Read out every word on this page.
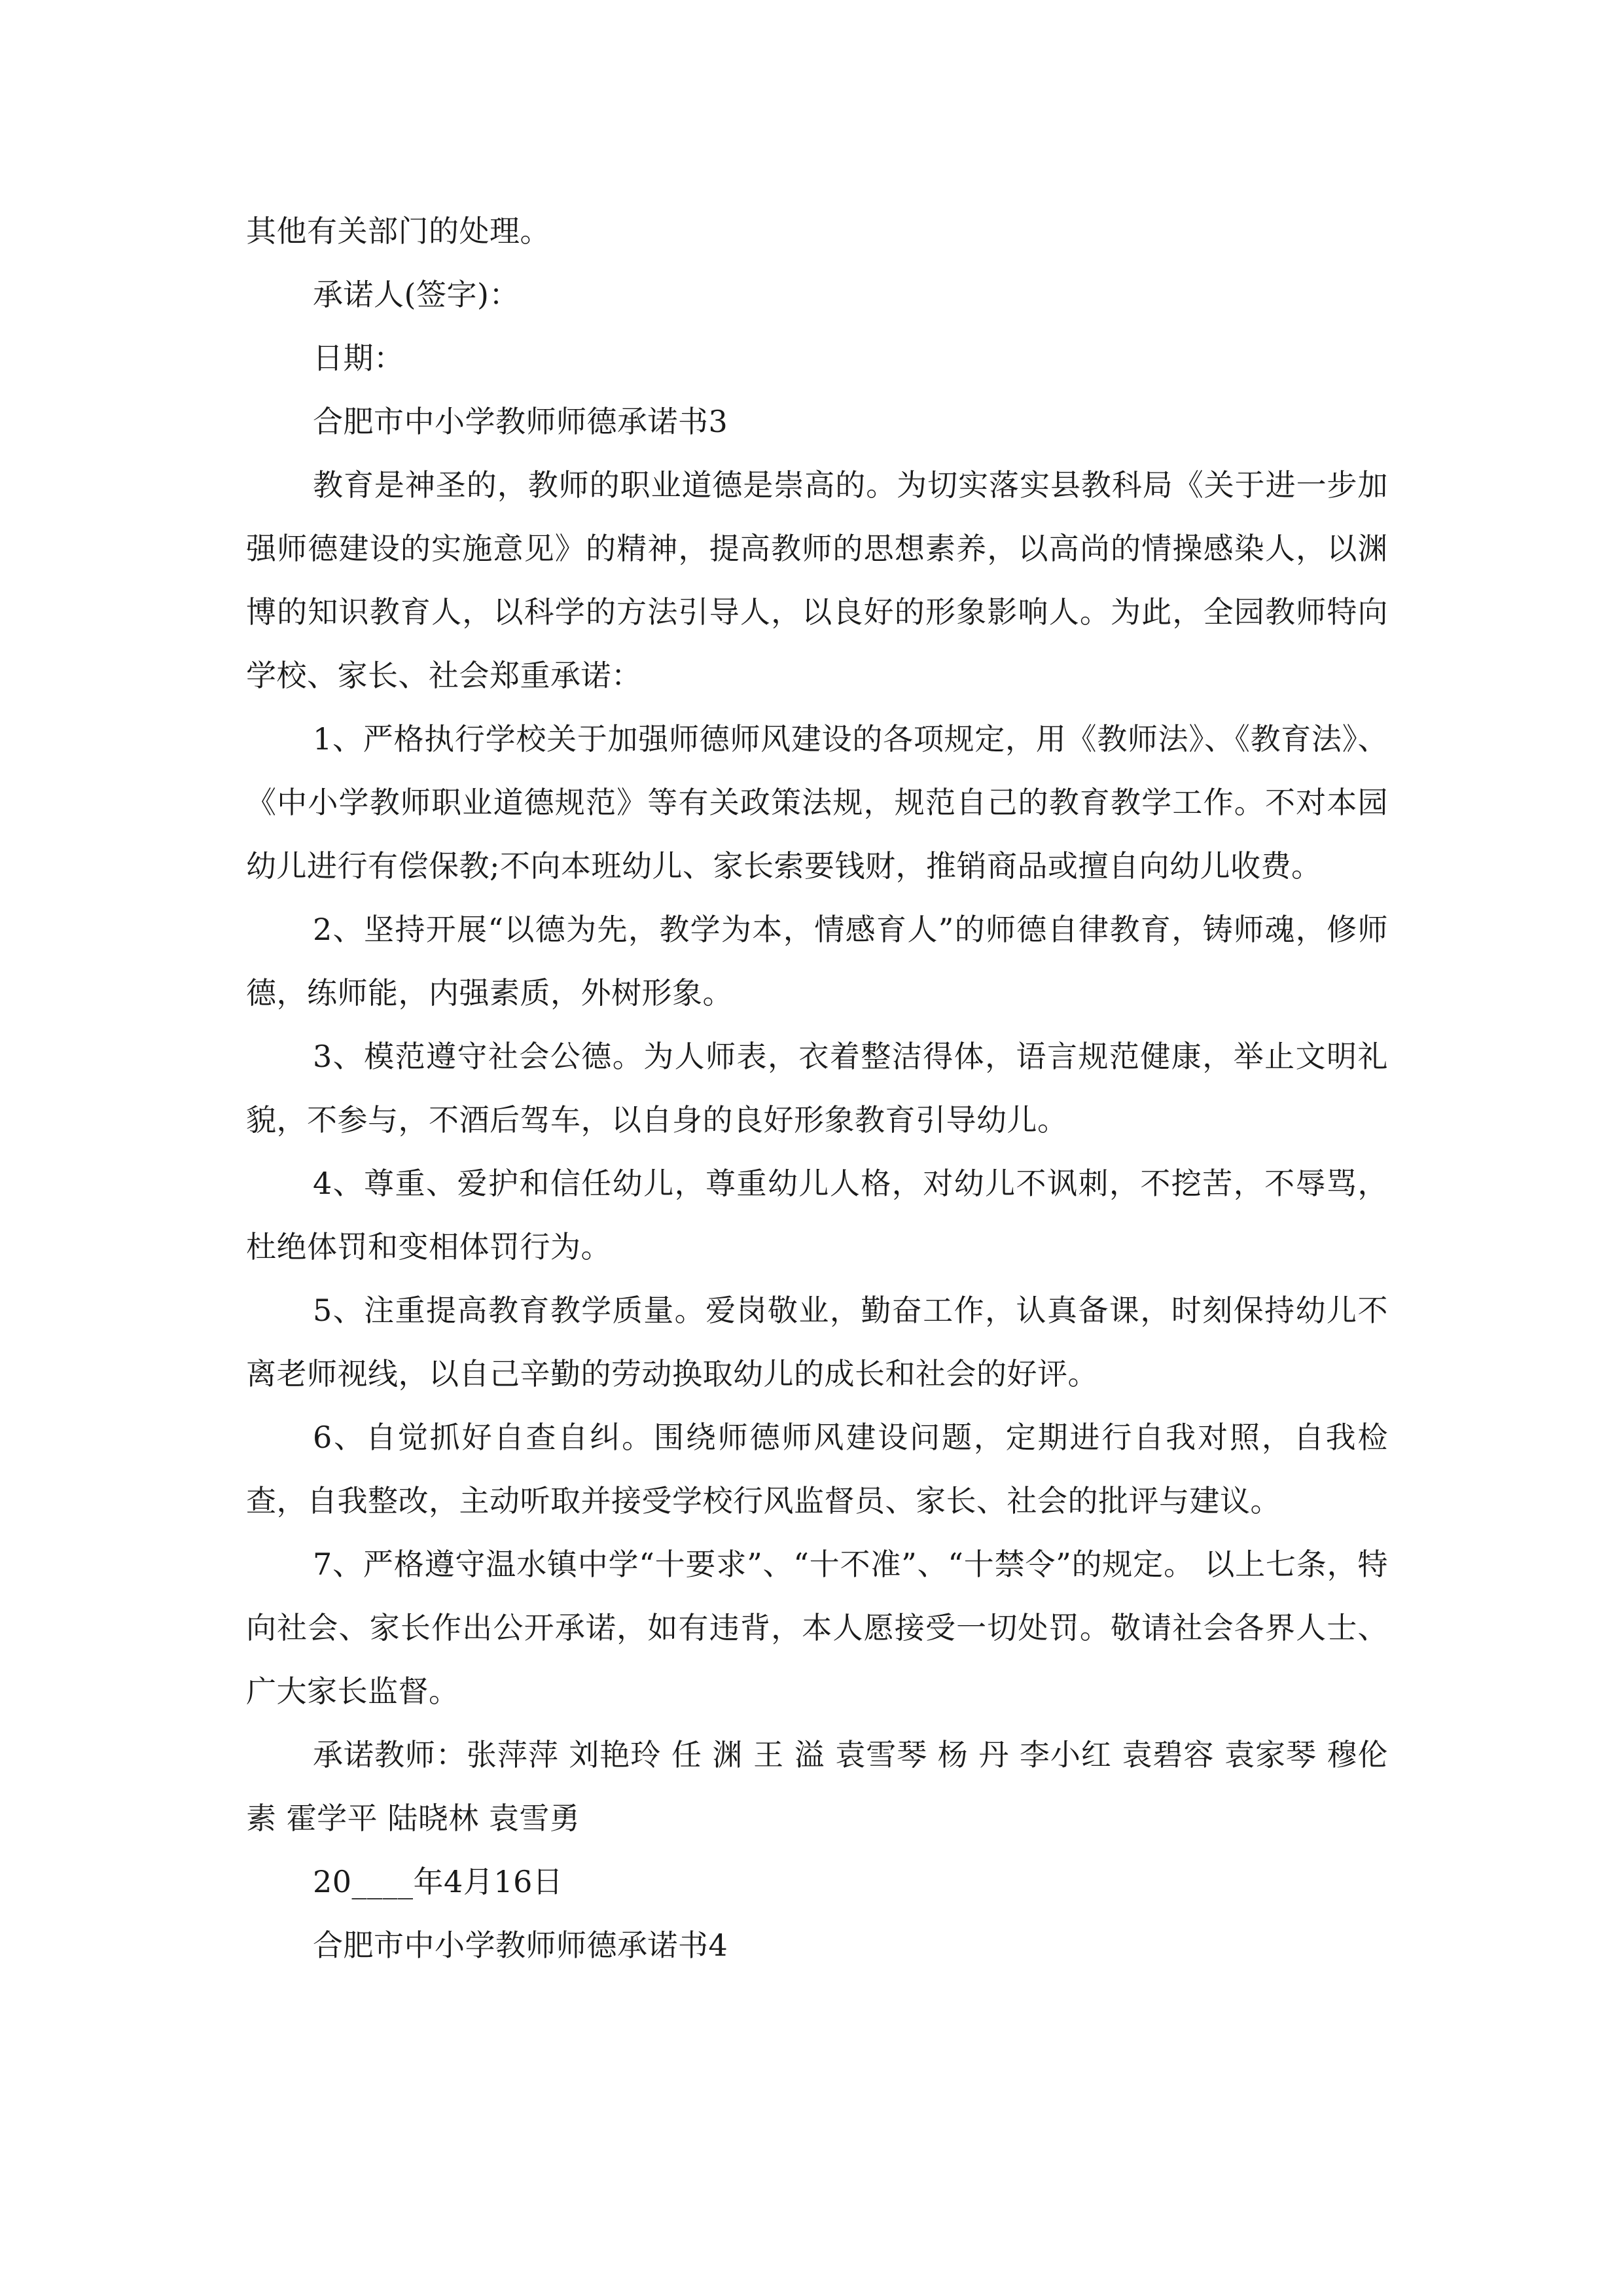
其他有关部门的处理。

承诺人(签字)：

日期：

合肥市中小学教师师德承诺书3

教育是神圣的，教师的职业道德是崇高的。为切实落实县教科局《关于进一步加强师德建设的实施意见》的精神，提高教师的思想素养，以高尚的情操感染人，以渊博的知识教育人，以科学的方法引导人，以良好的形象影响人。为此，全园教师特向学校、家长、社会郑重承诺：

1、严格执行学校关于加强师德师风建设的各项规定，用《教师法》、《教育法》、《中小学教师职业道德规范》等有关政策法规，规范自己的教育教学工作。不对本园幼儿进行有偿保教;不向本班幼儿、家长索要钱财，推销商品或擅自向幼儿收费。

2、坚持开展“以德为先，教学为本，情感育人”的师德自律教育，铸师魂，修师德，练师能，内强素质，外树形象。

3、模范遵守社会公德。为人师表，衣着整洁得体，语言规范健康，举止文明礼貌，不参与，不酒后驾车，以自身的良好形象教育引导幼儿。

4、尊重、爱护和信任幼儿，尊重幼儿人格，对幼儿不讽刺，不挖苦，不辱骂，杜绝体罚和变相体罚行为。

5、注重提高教育教学质量。爱岗敬业，勤奋工作，认真备课，时刻保持幼儿不离老师视线，以自己辛勤的劳动换取幼儿的成长和社会的好评。

6、自觉抓好自查自纠。围绕师德师风建设问题，定期进行自我对照，自我检查，自我整改，主动听取并接受学校行风监督员、家长、社会的批评与建议。

7、严格遵守温水镇中学“十要求”、“十不准”、“十禁令”的规定。 以上七条，特向社会、家长作出公开承诺，如有违背，本人愿接受一切处罚。敬请社会各界人士、广大家长监督。

承诺教师：张萍萍 刘艳玲 任 渊 王 溢 袁雪琴 杨 丹 李小红 袁碧容 袁家琴 穆伦素 霍学平 陆晓林 袁雪勇

20____年4月16日

合肥市中小学教师师德承诺书4
